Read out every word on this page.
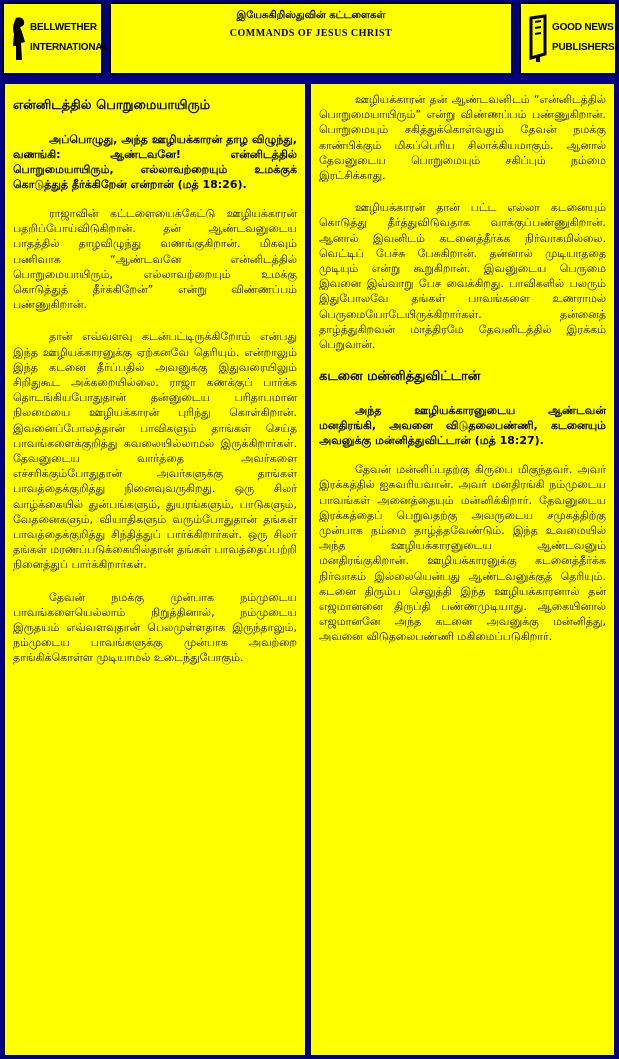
BELLWETHER
INTERNATIONAL
இயேசுகிறிஸ்துவின் கட்டளைகள்
COMMANDS OF JESUS CHRIST
GOOD NEWS
PUBLISHERS
என்னிடத்தில் பொறுமையாயிரும்

அப்பொழுது, அந்த ஊழியக்காரன் தாழ விழுந்து, வணங்கி: ஆண்டவனே! என்னிடத்தில் பொறுமையாயிரும், எல்லாவற்றையும் உமக்குக் கொடுத்துத் தீர்க்கிறேன் என்றான் (மத் 18:26).

ராஜாவின் கட்டளையைக்கேட்டு ஊழியக்காரன் பதறிப்போய்விடுகிறான். தன் ஆண்டவனுடைய பாதத்தில் தாழவிழுந்து வணங்குகிறான். மிகவும் பணிவாக “ஆண்டவனே என்னிடத்தில் பொறுமையாயிரும், எல்லாவற்றையும் உமக்கு கொடுத்துத் தீர்க்கிறேன்” என்று விண்ணப்பம் பண்ணுகிறான்.

தான் எவ்வளவு கடன்பட்டிருக்கிறோம் என்பது இந்த ஊழியக்காரனுக்கு ஏற்கனவே தெரியும். என்றாலும் இந்த கடனை தீர்ப்பதில் அவனுக்கு இதுவரையிலும் சிறிதுகூட அக்கறையில்லை. ராஜா கணக்குப் பார்க்க தொடங்கியபோதுதான் தன்னுடைய பரிதாபமான நிலமையை ஊழியக்காரன் புரிந்து கொள்கிறான். இவனைப்போலத்தான் பாவிகளும் தாங்கள் செய்த பாவங்களைக்குறித்து கவலையில்லாமல் இருக்கிறார்கள். தேவனுடைய வார்த்தை அவர்களை எச்சரிக்கும்போதுதான் அவர்களுக்கு தாங்கள் பாவத்தைக்குறித்து நினைவுவருகிறது. ஒரு சிலர் வாழ்க்கையில் துன்பங்களும், துயரங்களும், பாடுகளும், வேதனைகளும், வியாதிகளும் வரும்போதுதான் தங்கள் பாவத்தைக்குறித்து சிந்தித்துப் பார்க்கிறார்கள். ஒரு சிலர் தங்கள் மரணப்படுக்கையில்தான் தங்கள் பாவத்தைப்பற்றி நினைத்துப் பார்க்கிறார்கள்.

தேவன் நமக்கு முன்பாக நம்முடைய பாவங்களையெல்லாம் நிறுத்தினால், நம்முடைய இருதயம் எவ்வளவுதான் பெலமுள்ளதாக இருந்தாலும், நம்முடைய பாவங்களுக்கு முன்பாக அவற்றை தாங்கிக்கொள்ள முடியாமல் உடைந்துபோகும்.

ஊழியக்காரன் தன் ஆண்டவனிடம் “என்னிடத்தில் பொறுமையாயிரும்” என்று விண்ணப்பம் பண்ணுகிறான். பொறுமையும் சகித்துக்கொள்வதும் தேவன் நமக்கு காண்பிக்கும் மிகப்பெரிய சிலாக்கியமாகும். ஆனால் தேவனுடைய பொறுமையும் சகிப்பும் நம்மை இரட்சிக்காது.

ஊழியக்காரன் தான் பட்ட எல்லா கடனையும் கொடுத்து தீர்த்துவிடுவதாக வாக்குப்பண்ணுகிறான். ஆனால் இவனிடம் கடனைத்தீர்க்க நிர்வாகமில்லை. வெட்டிப் பேச்சு பேசுகிறான். தன்னால் முடியாததை முடியும் என்று கூறுகிறான். இவனுடைய பெருமை இவனை இவ்வாறு பேச வைக்கிறது. பாவிகளில் பலரும் இதுபோலவே தங்கள் பாவங்களை உணராமல் பெருமையோடேயிருக்கிறார்கள். தன்னைத் தாழ்த்துகிறவன் மாத்திரமே தேவனிடத்தில் இரக்கம் பெறுவான்.

கடனை மன்னித்துவிட்டான்

அந்த ஊழியக்காரனுடைய ஆண்டவன் மனதிரங்கி, அவனை விடுதலைபண்ணி, கடனையும் அவனுக்கு மன்னித்துவிட்டான் (மத் 18:27).

தேவன் மன்னிப்பதற்கு கிருபை மிகுந்தவர். அவர் இரக்கத்தில் ஐசுவரியவான். அவர் மனதிரங்கி நம்முடைய பாவங்கள் அனைத்தையும் மன்னிக்கிறார். தேவனுடைய இரக்கத்தைப் பெறுவதற்கு அவருடைய சமுகத்திற்கு முன்பாக நம்மை தாழ்த்தவேண்டும். இந்த உவமையில் அந்த ஊழியக்காரனுடைய ஆண்டவனும் மனதிரங்குகிறான். ஊழியக்காரனுக்கு கடனைத்தீர்க்க நிர்வாகம் இல்லையென்பது ஆண்டவனுக்குத் தெரியும். கடனை திரும்ப செலுத்தி இந்த ஊழியக்காரனால் தன் எஜமானனை திருப்தி பண்ணமுடியாது. ஆகையினால் எஜமானனே அந்த கடனை அவனுக்கு மன்னித்து, அவனை விடுதலைபண்ணி மகிமைப்படுகிறார்.
